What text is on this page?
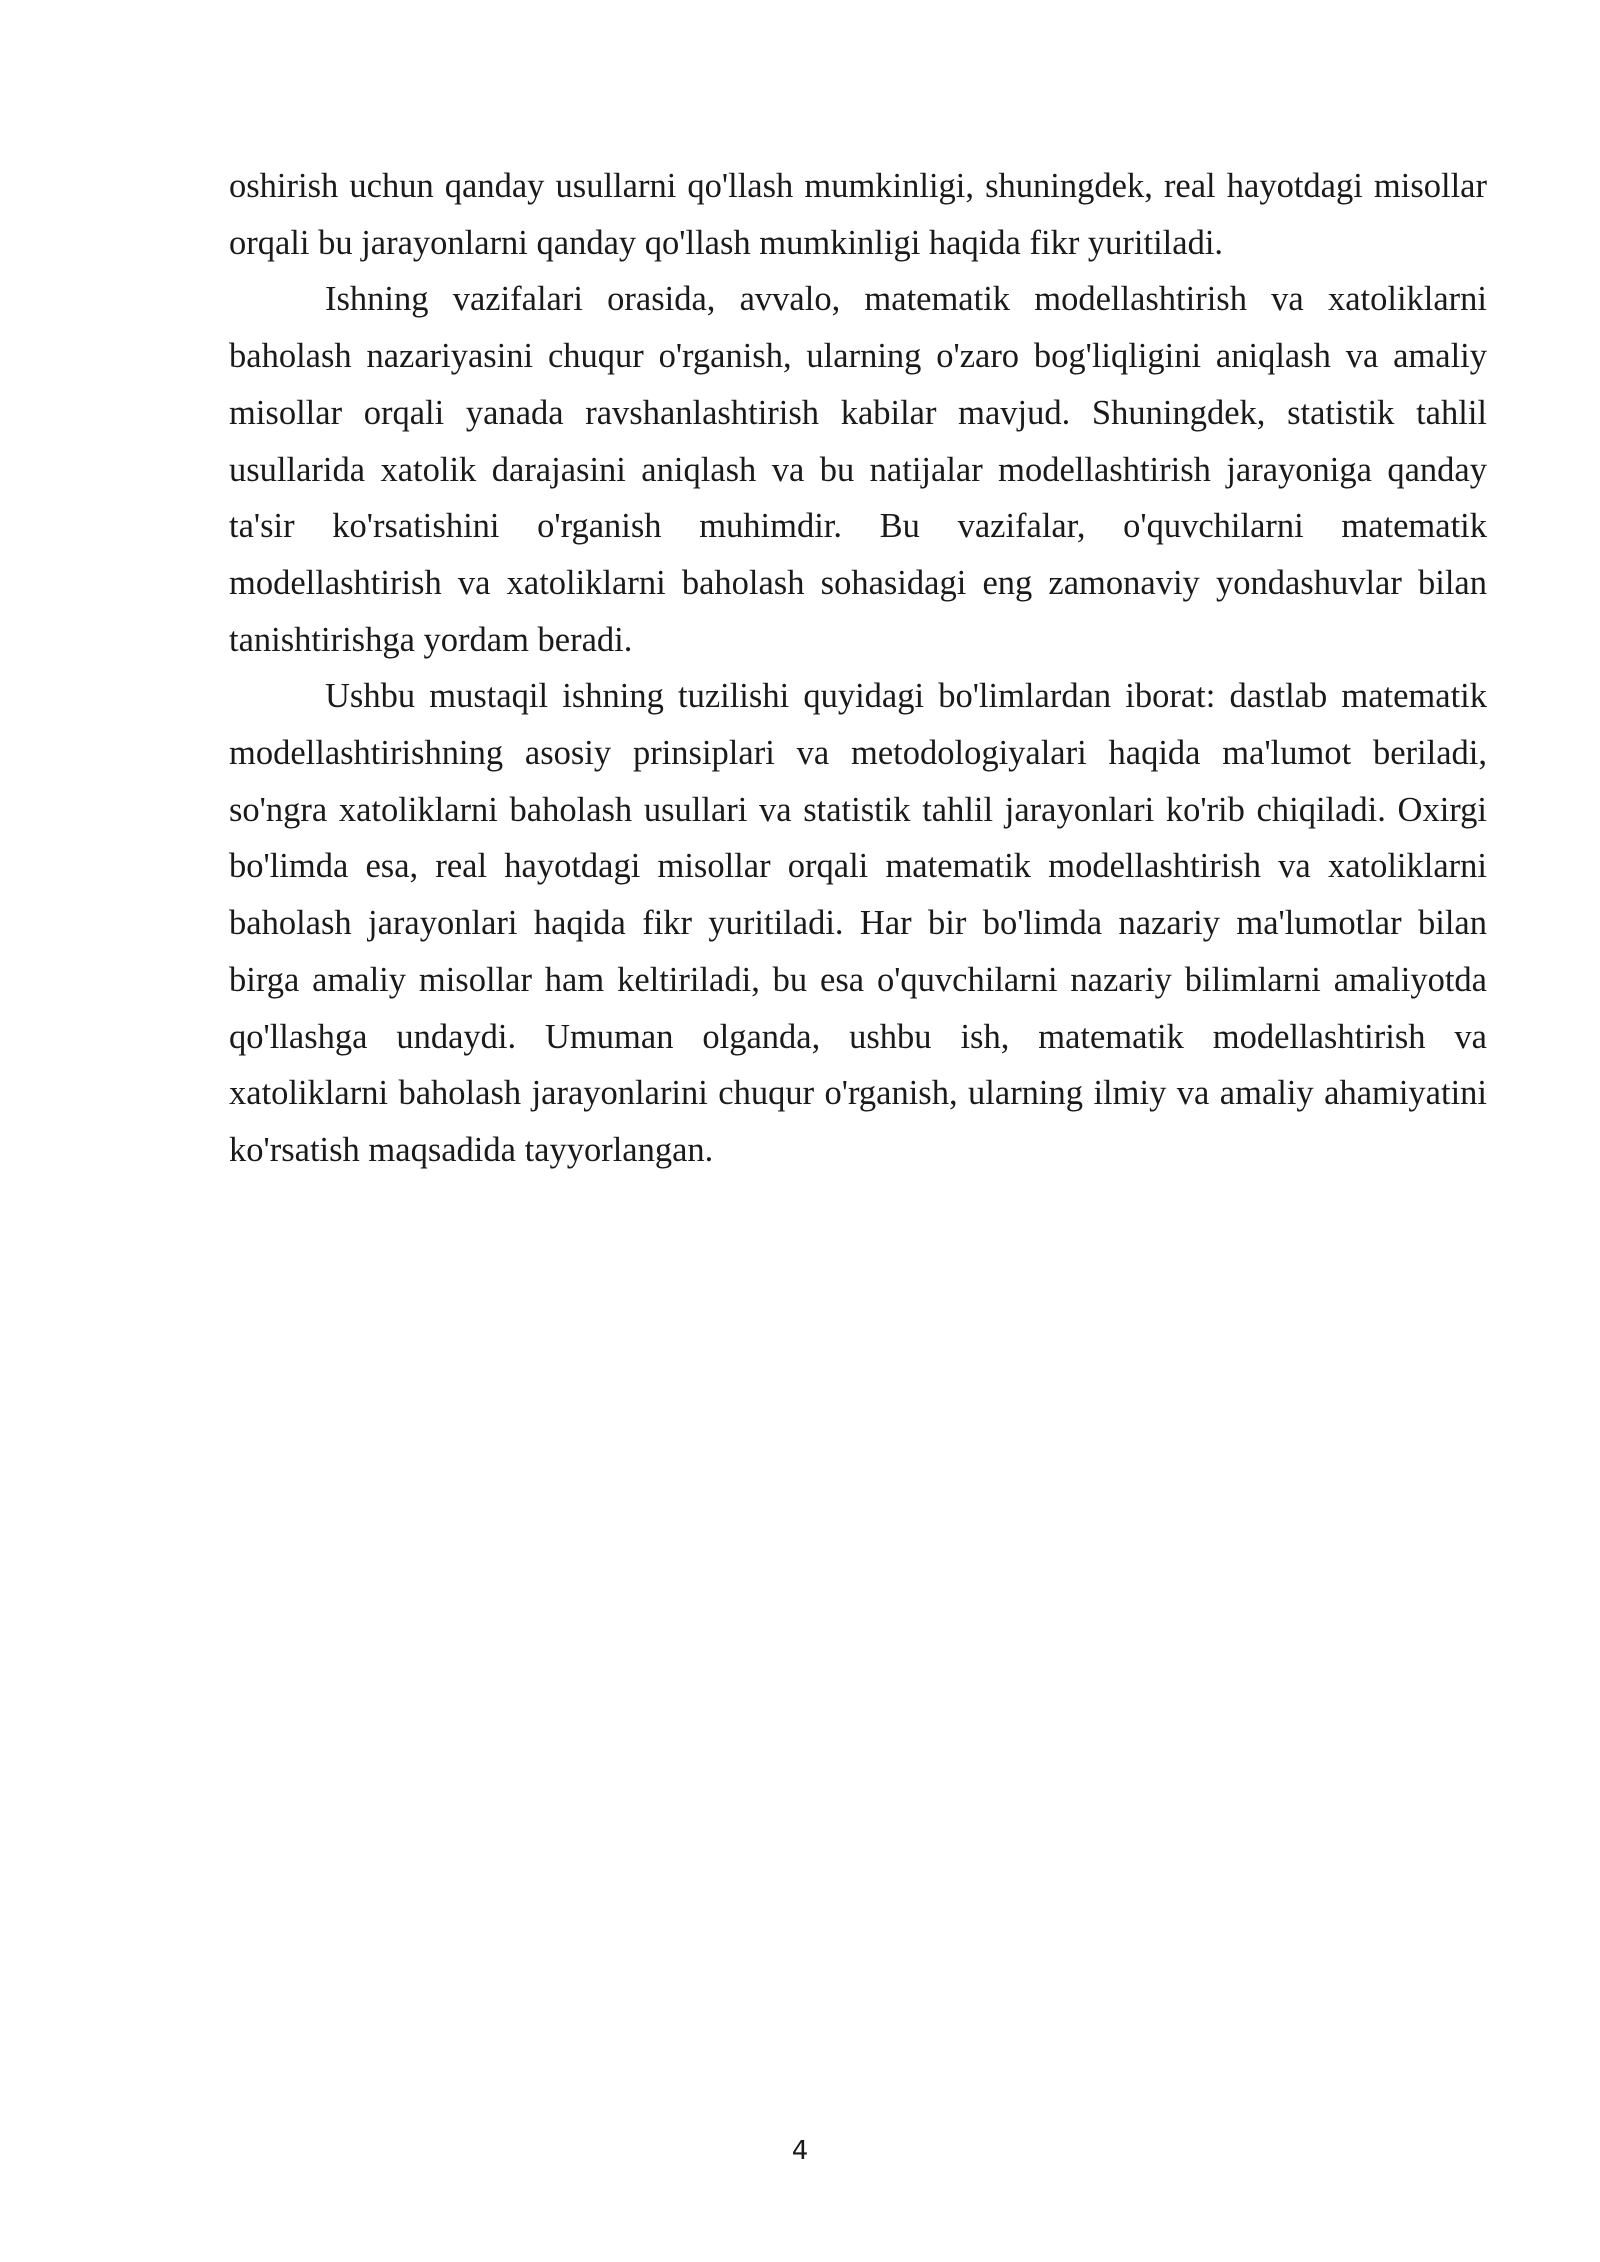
oshirish uchun qanday usullarni qo'llash mumkinligi, shuningdek, real hayotdagi misollar orqali bu jarayonlarni qanday qo'llash mumkinligi haqida fikr yuritiladi.

Ishning vazifalari orasida, avvalo, matematik modellashtirish va xatoliklarni baholash nazariyasini chuqur o'rganish, ularning o'zaro bog'liqligini aniqlash va amaliy misollar orqali yanada ravshanlashtirish kabilar mavjud. Shuningdek, statistik tahlil usullarida xatolik darajasini aniqlash va bu natijalar modellashtirish jarayoniga qanday ta'sir ko'rsatishini o'rganish muhimdir. Bu vazifalar, o'quvchilarni matematik modellashtirish va xatoliklarni baholash sohasidagi eng zamonaviy yondashuvlar bilan tanishtirishga yordam beradi.

Ushbu mustaqil ishning tuzilishi quyidagi bo'limlardan iborat: dastlab matematik modellashtirishning asosiy prinsiplari va metodologiyalari haqida ma'lumot beriladi, so'ngra xatoliklarni baholash usullari va statistik tahlil jarayonlari ko'rib chiqiladi. Oxirgi bo'limda esa, real hayotdagi misollar orqali matematik modellashtirish va xatoliklarni baholash jarayonlari haqida fikr yuritiladi. Har bir bo'limda nazariy ma'lumotlar bilan birga amaliy misollar ham keltiriladi, bu esa o'quvchilarni nazariy bilimlarni amaliyotda qo'llashga undaydi. Umuman olganda, ushbu ish, matematik modellashtirish va xatoliklarni baholash jarayonlarini chuqur o'rganish, ularning ilmiy va amaliy ahamiyatini ko'rsatish maqsadida tayyorlangan.

4
